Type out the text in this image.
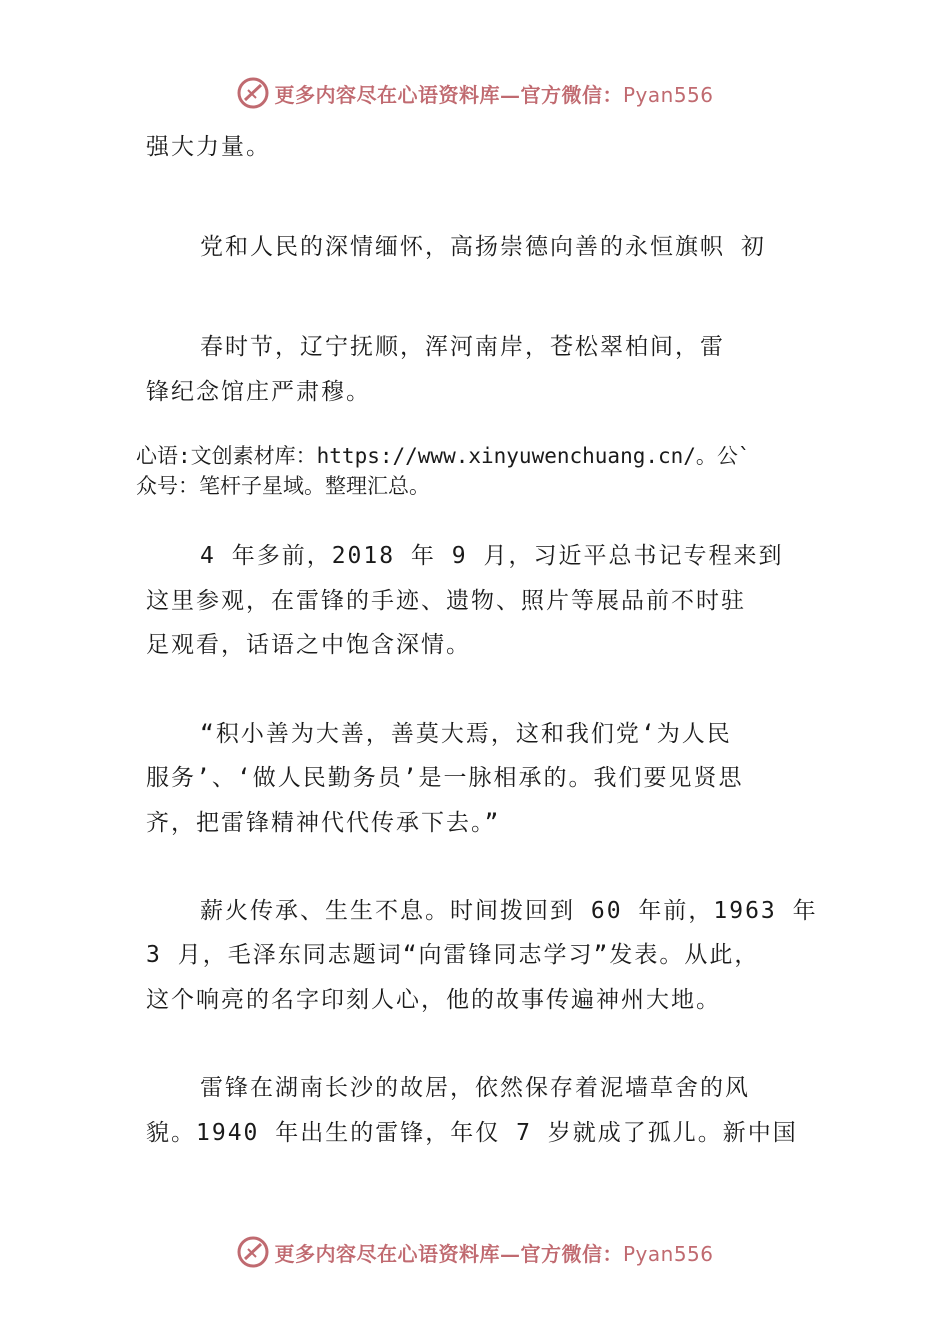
更多内容尽在心语资料库—官方微信：Pyan556
强大力量。
党和人民的深情缅怀，高扬崇德向善的永恒旗帜 初
春时节，辽宁抚顺，浑河南岸，苍松翠柏间，雷
锋纪念馆庄严肃穆。
心语:文创素材库：https://www.xinyuwenchuang.cn/。公`
众号：笔杆子星域。整理汇总。
4 年多前，2018 年 9 月，习近平总书记专程来到
这里参观，在雷锋的手迹、遗物、照片等展品前不时驻
足观看，话语之中饱含深情。
“积小善为大善，善莫大焉，这和我们党‘为人民
服务’、‘做人民勤务员’是一脉相承的。我们要见贤思
齐，把雷锋精神代代传承下去。”
薪火传承、生生不息。时间拨回到 60 年前，1963 年
3 月，毛泽东同志题词“向雷锋同志学习”发表。从此，
这个响亮的名字印刻人心，他的故事传遍神州大地。
雷锋在湖南长沙的故居，依然保存着泥墙草舍的风
貌。1940 年出生的雷锋，年仅 7 岁就成了孤儿。新中国
更多内容尽在心语资料库—官方微信：Pyan556
